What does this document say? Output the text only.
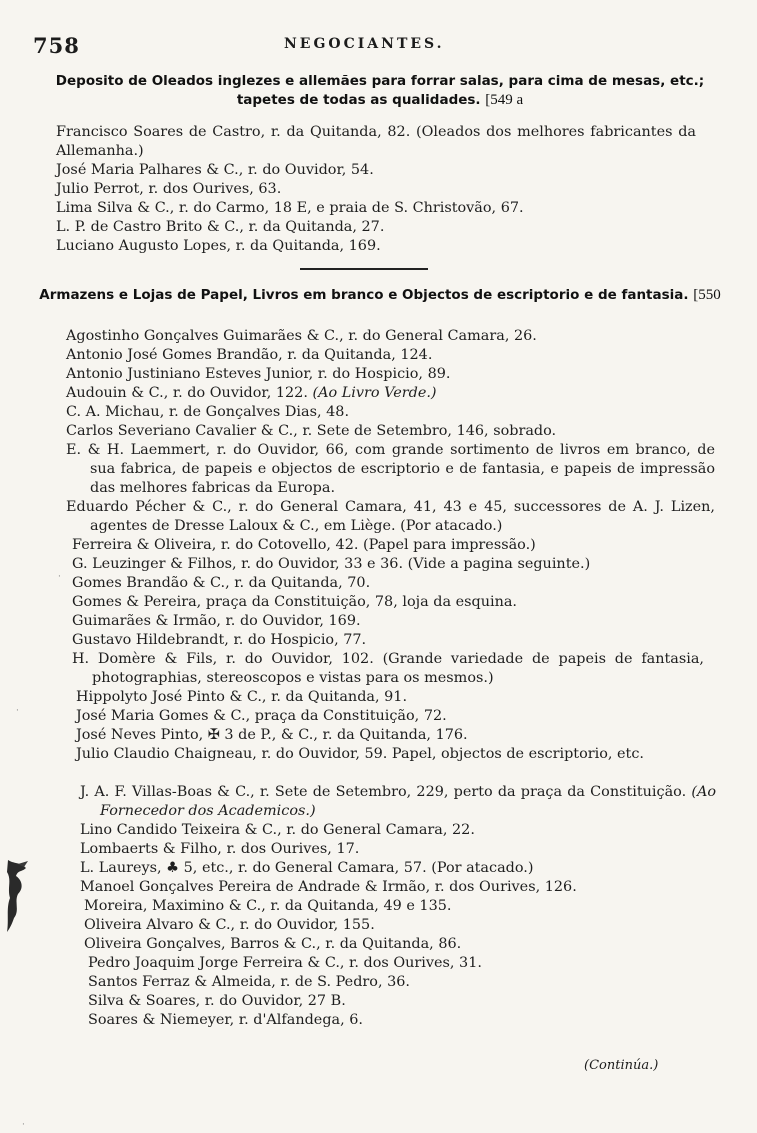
758	NEGOCIANTES.
Deposito de Oleados inglezes e allemães para forrar salas, para cima de mesas, etc.; tapetes de todas as qualidades. [549 a
Francisco Soares de Castro, r. da Quitanda, 82. (Oleados dos melhores fabricantes da Allemanha.)
José Maria Palhares & C., r. do Ouvidor, 54.
Julio Perrot, r. dos Ourives, 63.
Lima Silva & C., r. do Carmo, 18 E, e praia de S. Christovão, 67.
L. P. de Castro Brito & C., r. da Quitanda, 27.
Luciano Augusto Lopes, r. da Quitanda, 169.
Armazens e Lojas de Papel, Livros em branco e Objectos de escriptorio e de fantasia. [550
Agostinho Gonçalves Guimarães & C., r. do General Camara, 26.
Antonio José Gomes Brandão, r. da Quitanda, 124.
Antonio Justiniano Esteves Junior, r. do Hospicio, 89.
Audouin & C., r. do Ouvidor, 122. (Ao Livro Verde.)
C. A. Michau, r. de Gonçalves Dias, 48.
Carlos Severiano Cavalier & C., r. Sete de Setembro, 146, sobrado.
E. & H. Laemmert, r. do Ouvidor, 66, com grande sortimento de livros em branco, de sua fabrica, de papeis e objectos de escriptorio e de fantasia, e papeis de impressão das melhores fabricas da Europa.
Eduardo Pécher & C., r. do General Camara, 41, 43 e 45, successores de A. J. Lizen, agentes de Dresse Laloux & C., em Liège. (Por atacado.)
Ferreira & Oliveira, r. do Cotovello, 42. (Papel para impressão.)
G. Leuzinger & Filhos, r. do Ouvidor, 33 e 36. (Vide a pagina seguinte.)
Gomes Brandão & C., r. da Quitanda, 70.
Gomes & Pereira, praça da Constituição, 78, loja da esquina.
Guimarães & Irmão, r. do Ouvidor, 169.
Gustavo Hildebrandt, r. do Hospicio, 77.
H. Domère & Fils, r. do Ouvidor, 102. (Grande variedade de papeis de fantasia, photographias, stereoscopos e vistas para os mesmos.)
Hippolyto José Pinto & C., r. da Quitanda, 91.
José Maria Gomes & C., praça da Constituição, 72.
José Neves Pinto, ✠ 3 de P., & C., r. da Quitanda, 176.
Julio Claudio Chaigneau, r. do Ouvidor, 59. Papel, objectos de escriptorio, etc.
J. A. F. Villas-Boas & C., r. Sete de Setembro, 229, perto da praça da Constituição. (Ao Fornecedor dos Academicos.)
Lino Candido Teixeira & C., r. do General Camara, 22.
Lombaerts & Filho, r. dos Ourives, 17.
L. Laureys, ♣ 5, etc., r. do General Camara, 57. (Por atacado.)
Manoel Gonçalves Pereira de Andrade & Irmão, r. dos Ourives, 126.
Moreira, Maximino & C., r. da Quitanda, 49 e 135.
Oliveira Alvaro & C., r. do Ouvidor, 155.
Oliveira Gonçalves, Barros & C., r. da Quitanda, 86.
Pedro Joaquim Jorge Ferreira & C., r. dos Ourives, 31.
Santos Ferraz & Almeida, r. de S. Pedro, 36.
Silva & Soares, r. do Ouvidor, 27 B.
Soares & Niemeyer, r. d'Alfandega, 6.
(Continúa.)
·
·
·
